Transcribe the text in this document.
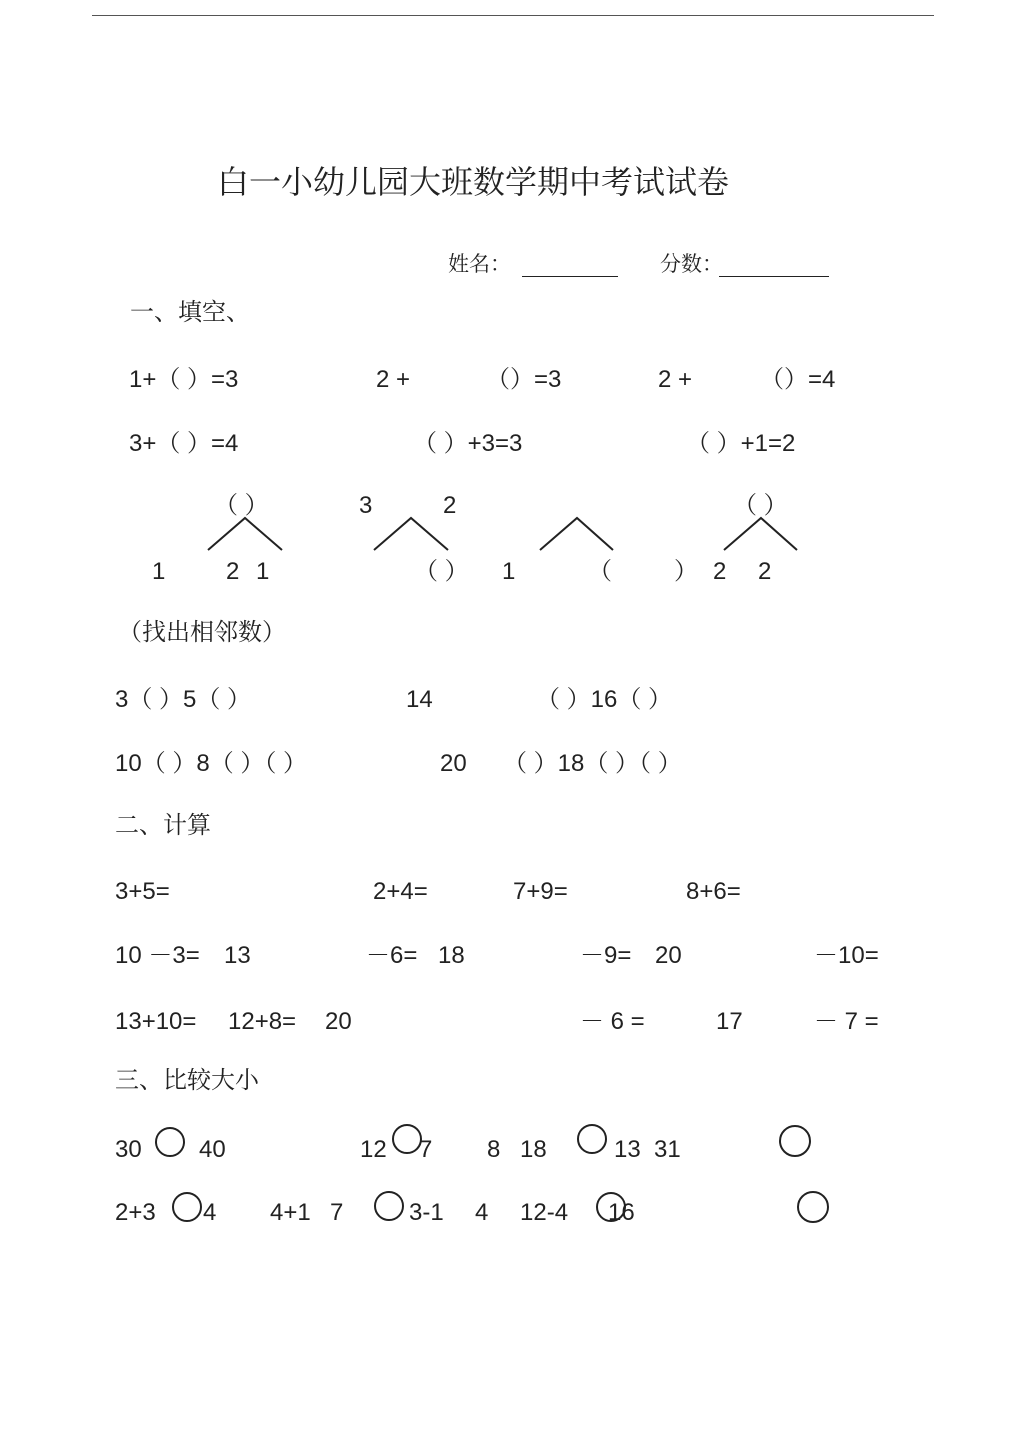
白一小幼儿园大班数学期中考试试卷
姓名：	分数：
一、填空、
1+（ ）=3	2 +	（）=3	2 +	（）=4
3+（ ）=4	（ ）+3=3	（ ）+1=2
（ ）	3	2	（ ）
1	2 1	（ ） 1	（	） 2 2
（找出相邻数）
3（ ）5（ ）	14	（ ）16（ ）
10（ ）8（ ）（ ）	20 （ ）18（ ）（ ）
二、计算
3+5=	2+4=	7+9=	8+6=
10 －3= 13	－6= 18	－9= 20	－10=
13+10= 12+8= 20	－ 6 =	17	－ 7 =
三、比较大小
30 40	12 7 8 18	13 31
2+3 4 4+1 7	3-1 4 12-4 16
